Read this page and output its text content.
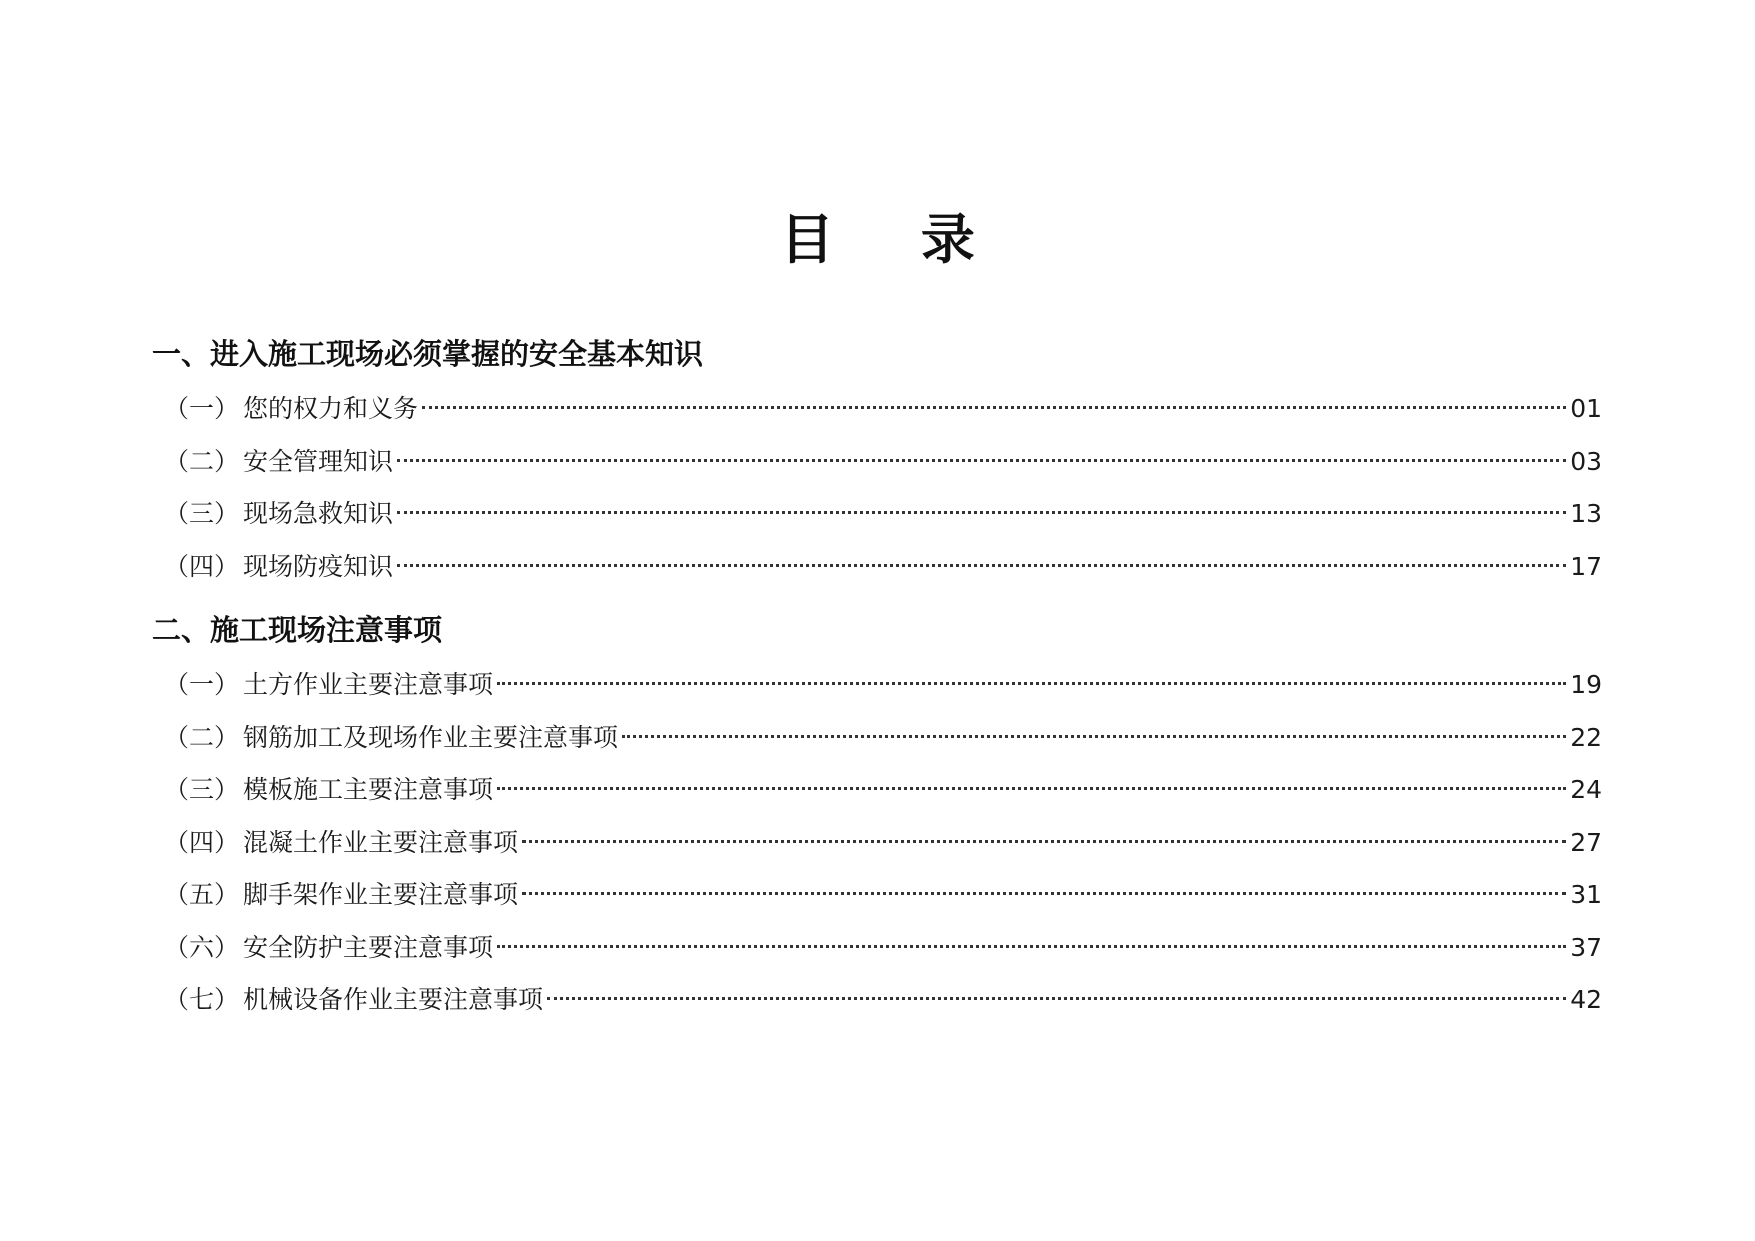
目 录
一、进入施工现场必须掌握的安全基本知识
（一） 您的权力和义务	01
（二） 安全管理知识	03
（三） 现场急救知识	13
（四） 现场防疫知识	17
二、施工现场注意事项
（一） 土方作业主要注意事项	19
（二） 钢筋加工及现场作业主要注意事项	22
（三） 模板施工主要注意事项	24
（四） 混凝土作业主要注意事项	27
（五） 脚手架作业主要注意事项	31
（六） 安全防护主要注意事项	37
（七） 机械设备作业主要注意事项	42
